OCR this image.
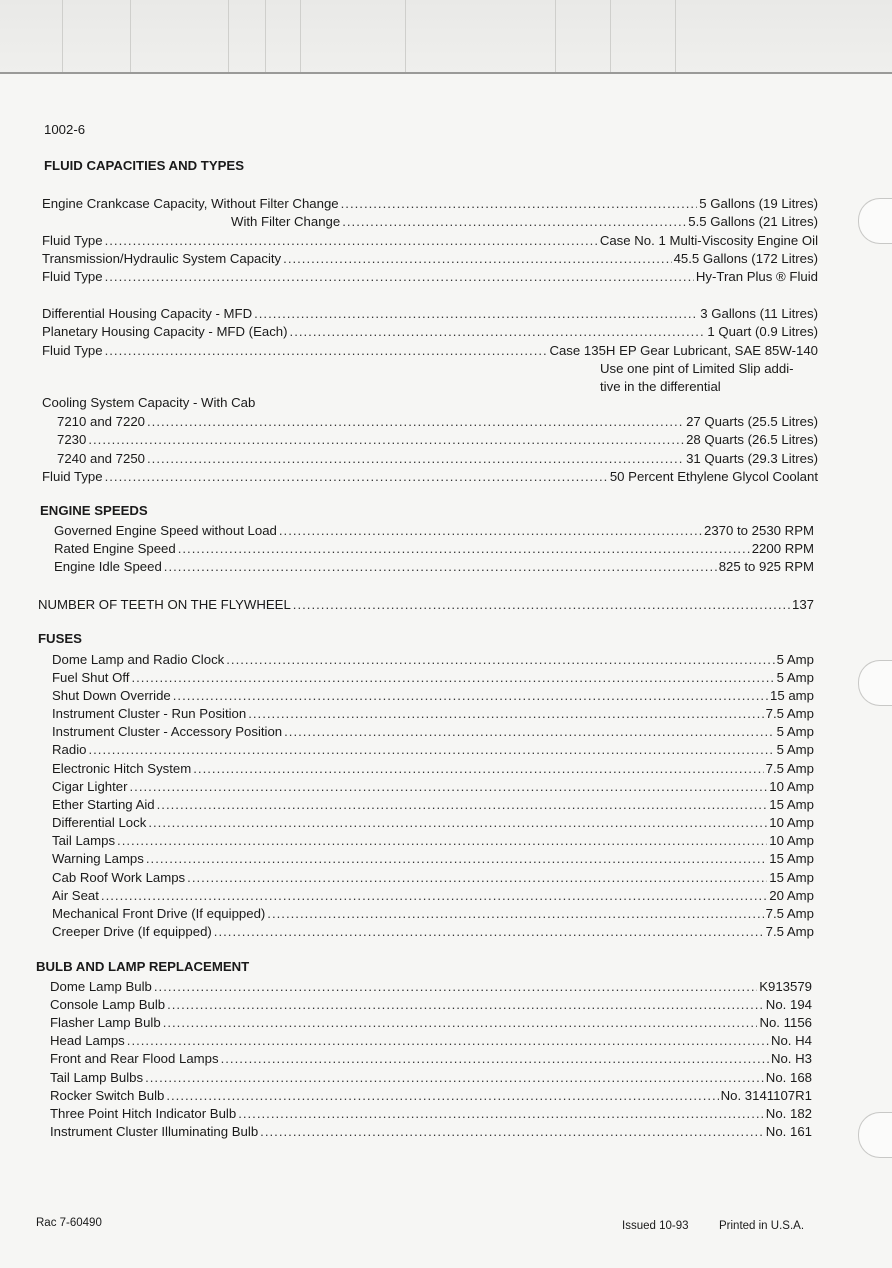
1002-6
FLUID CAPACITIES AND TYPES
Engine Crankcase Capacity, Without Filter Change .....	5 Gallons (19 Litres)
With Filter Change .....	5.5 Gallons (21 Litres)
Fluid Type .....	Case No. 1 Multi-Viscosity Engine Oil
Transmission/Hydraulic System Capacity .....	45.5 Gallons (172 Litres)
Fluid Type .....	Hy-Tran Plus ® Fluid
Differential Housing Capacity - MFD .....	3 Gallons (11 Litres)
Planetary Housing Capacity - MFD (Each) .....	1 Quart (0.9 Litres)
Fluid Type .....	Case 135H EP Gear Lubricant, SAE 85W-140
Use one pint of Limited Slip addi-
tive in the differential
Cooling System Capacity - With Cab
7210 and 7220 .....	27 Quarts (25.5 Litres)
7230 .....	28 Quarts (26.5 Litres)
7240 and 7250 .....	31 Quarts (29.3 Litres)
Fluid Type .....	50 Percent Ethylene Glycol Coolant
ENGINE SPEEDS
Governed Engine Speed without Load .....	2370 to 2530 RPM
Rated Engine Speed .....	2200 RPM
Engine Idle Speed .....	825 to 925 RPM
NUMBER OF TEETH ON THE FLYWHEEL .....	137
FUSES
Dome Lamp and Radio Clock .....	5 Amp
Fuel Shut Off .....	5 Amp
Shut Down Override .....	15 amp
Instrument Cluster - Run Position .....	7.5 Amp
Instrument Cluster - Accessory Position .....	5 Amp
Radio .....	5 Amp
Electronic Hitch System .....	7.5 Amp
Cigar Lighter .....	10 Amp
Ether Starting Aid .....	15 Amp
Differential Lock .....	10 Amp
Tail Lamps .....	10 Amp
Warning Lamps .....	15 Amp
Cab Roof Work Lamps .....	15 Amp
Air Seat .....	20 Amp
Mechanical Front Drive (If equipped) .....	7.5 Amp
Creeper Drive (If equipped) .....	7.5 Amp
BULB AND LAMP REPLACEMENT
Dome Lamp Bulb .....	K913579
Console Lamp Bulb .....	No. 194
Flasher Lamp Bulb .....	No. 1156
Head Lamps .....	No. H4
Front and Rear Flood Lamps .....	No. H3
Tail Lamp Bulbs .....	No. 168
Rocker Switch Bulb .....	No. 3141107R1
Three Point Hitch Indicator Bulb .....	No. 182
Instrument Cluster Illuminating Bulb .....	No. 161
Rac 7-60490	Issued 10-93	Printed in U.S.A.
